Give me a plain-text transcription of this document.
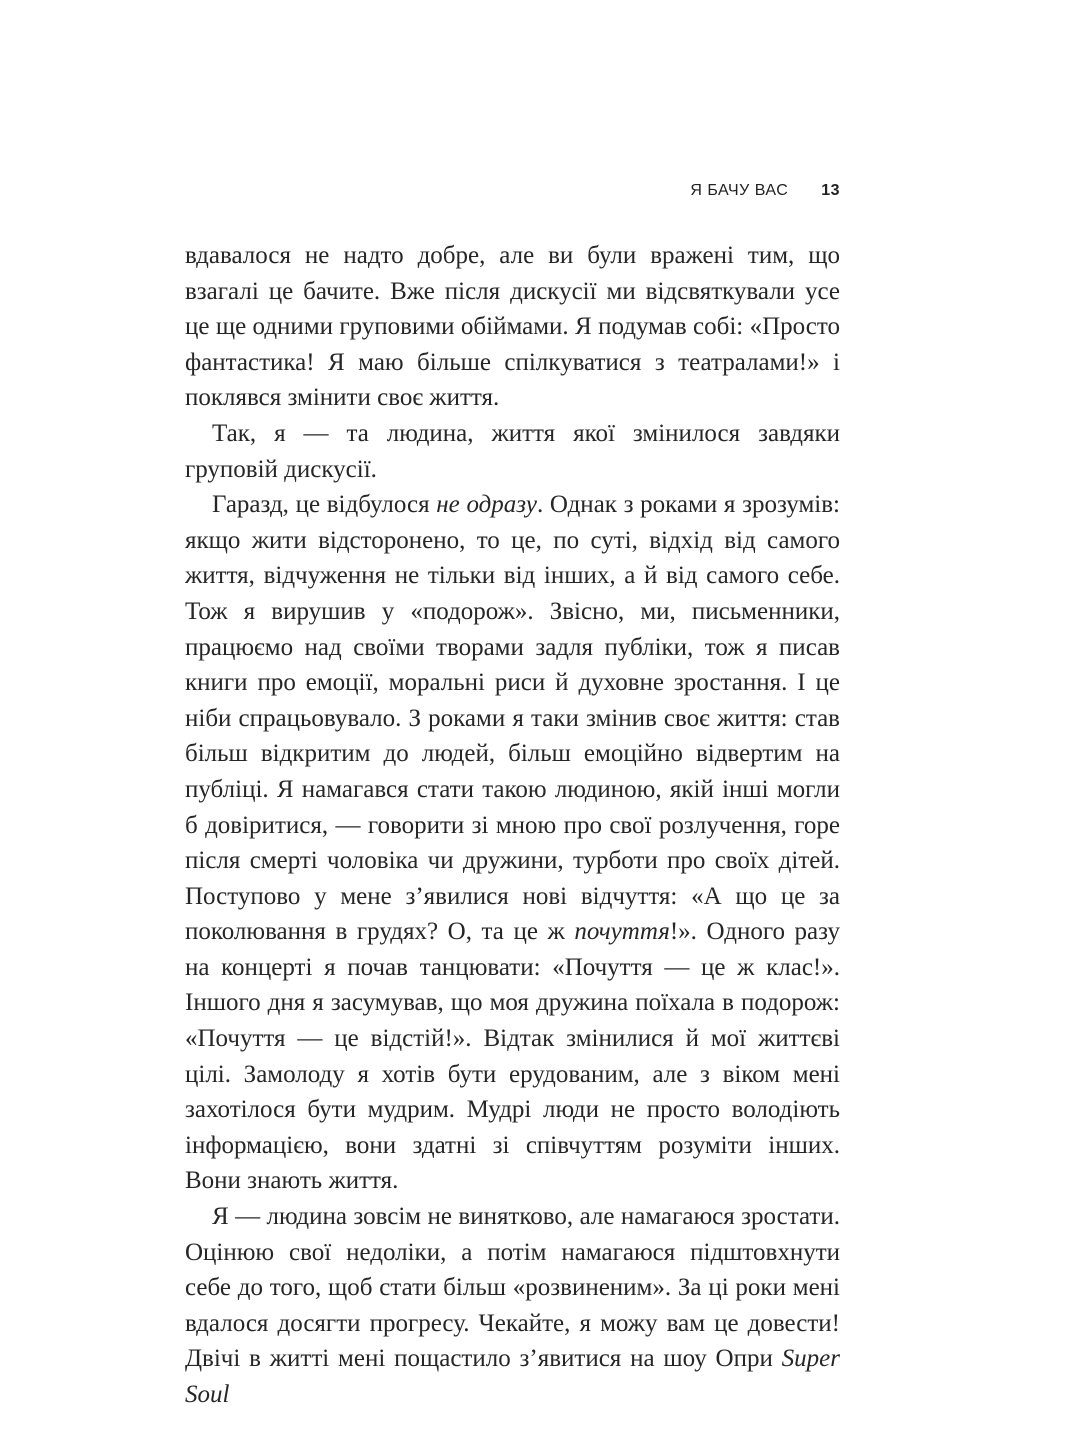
Я БАЧУ ВАС 13

вдавалося не надто добре, але ви були вражені тим, що взагалі це бачите. Вже після дискусії ми відсвяткували усе це ще одними груповими обіймами. Я подумав собі: «Просто фантастика! Я маю більше спілкуватися з театралами!» і поклявся змінити своє життя.

Так, я — та людина, життя якої змінилося завдяки груповій дискусії.

Гаразд, це відбулося не одразу. Однак з роками я зрозумів: якщо жити відсторонено, то це, по суті, відхід від самого життя, відчуження не тільки від інших, а й від самого себе. Тож я вирушив у «подорож». Звісно, ми, письменники, працюємо над своїми творами задля публіки, тож я писав книги про емоції, моральні риси й духовне зростання. І це ніби спрацьовувало. З роками я таки змінив своє життя: став більш відкритим до людей, більш емоційно відвертим на публіці. Я намагався стати такою людиною, якій інші могли б довіритися, — говорити зі мною про свої розлучення, горе після смерті чоловіка чи дружини, турботи про своїх дітей. Поступово у мене з’явилися нові відчуття: «А що це за поколювання в грудях? О, та це ж почуття!». Одного разу на концерті я почав танцювати: «Почуття — це ж клас!». Іншого дня я засумував, що моя дружина поїхала в подорож: «Почуття — це відстій!». Відтак змінилися й мої життєві цілі. Замолоду я хотів бути ерудованим, але з віком мені захотілося бути мудрим. Мудрі люди не просто володіють інформацією, вони здатні зі співчуттям розуміти інших. Вони знають життя.

Я — людина зовсім не винятково, але намагаюся зростати. Оцінюю свої недоліки, а потім намагаюся підштовхнути себе до того, щоб стати більш «розвиненим». За ці роки мені вдалося досягти прогресу. Чекайте, я можу вам це довести! Двічі в житті мені пощастило з’явитися на шоу Опри Super Soul
